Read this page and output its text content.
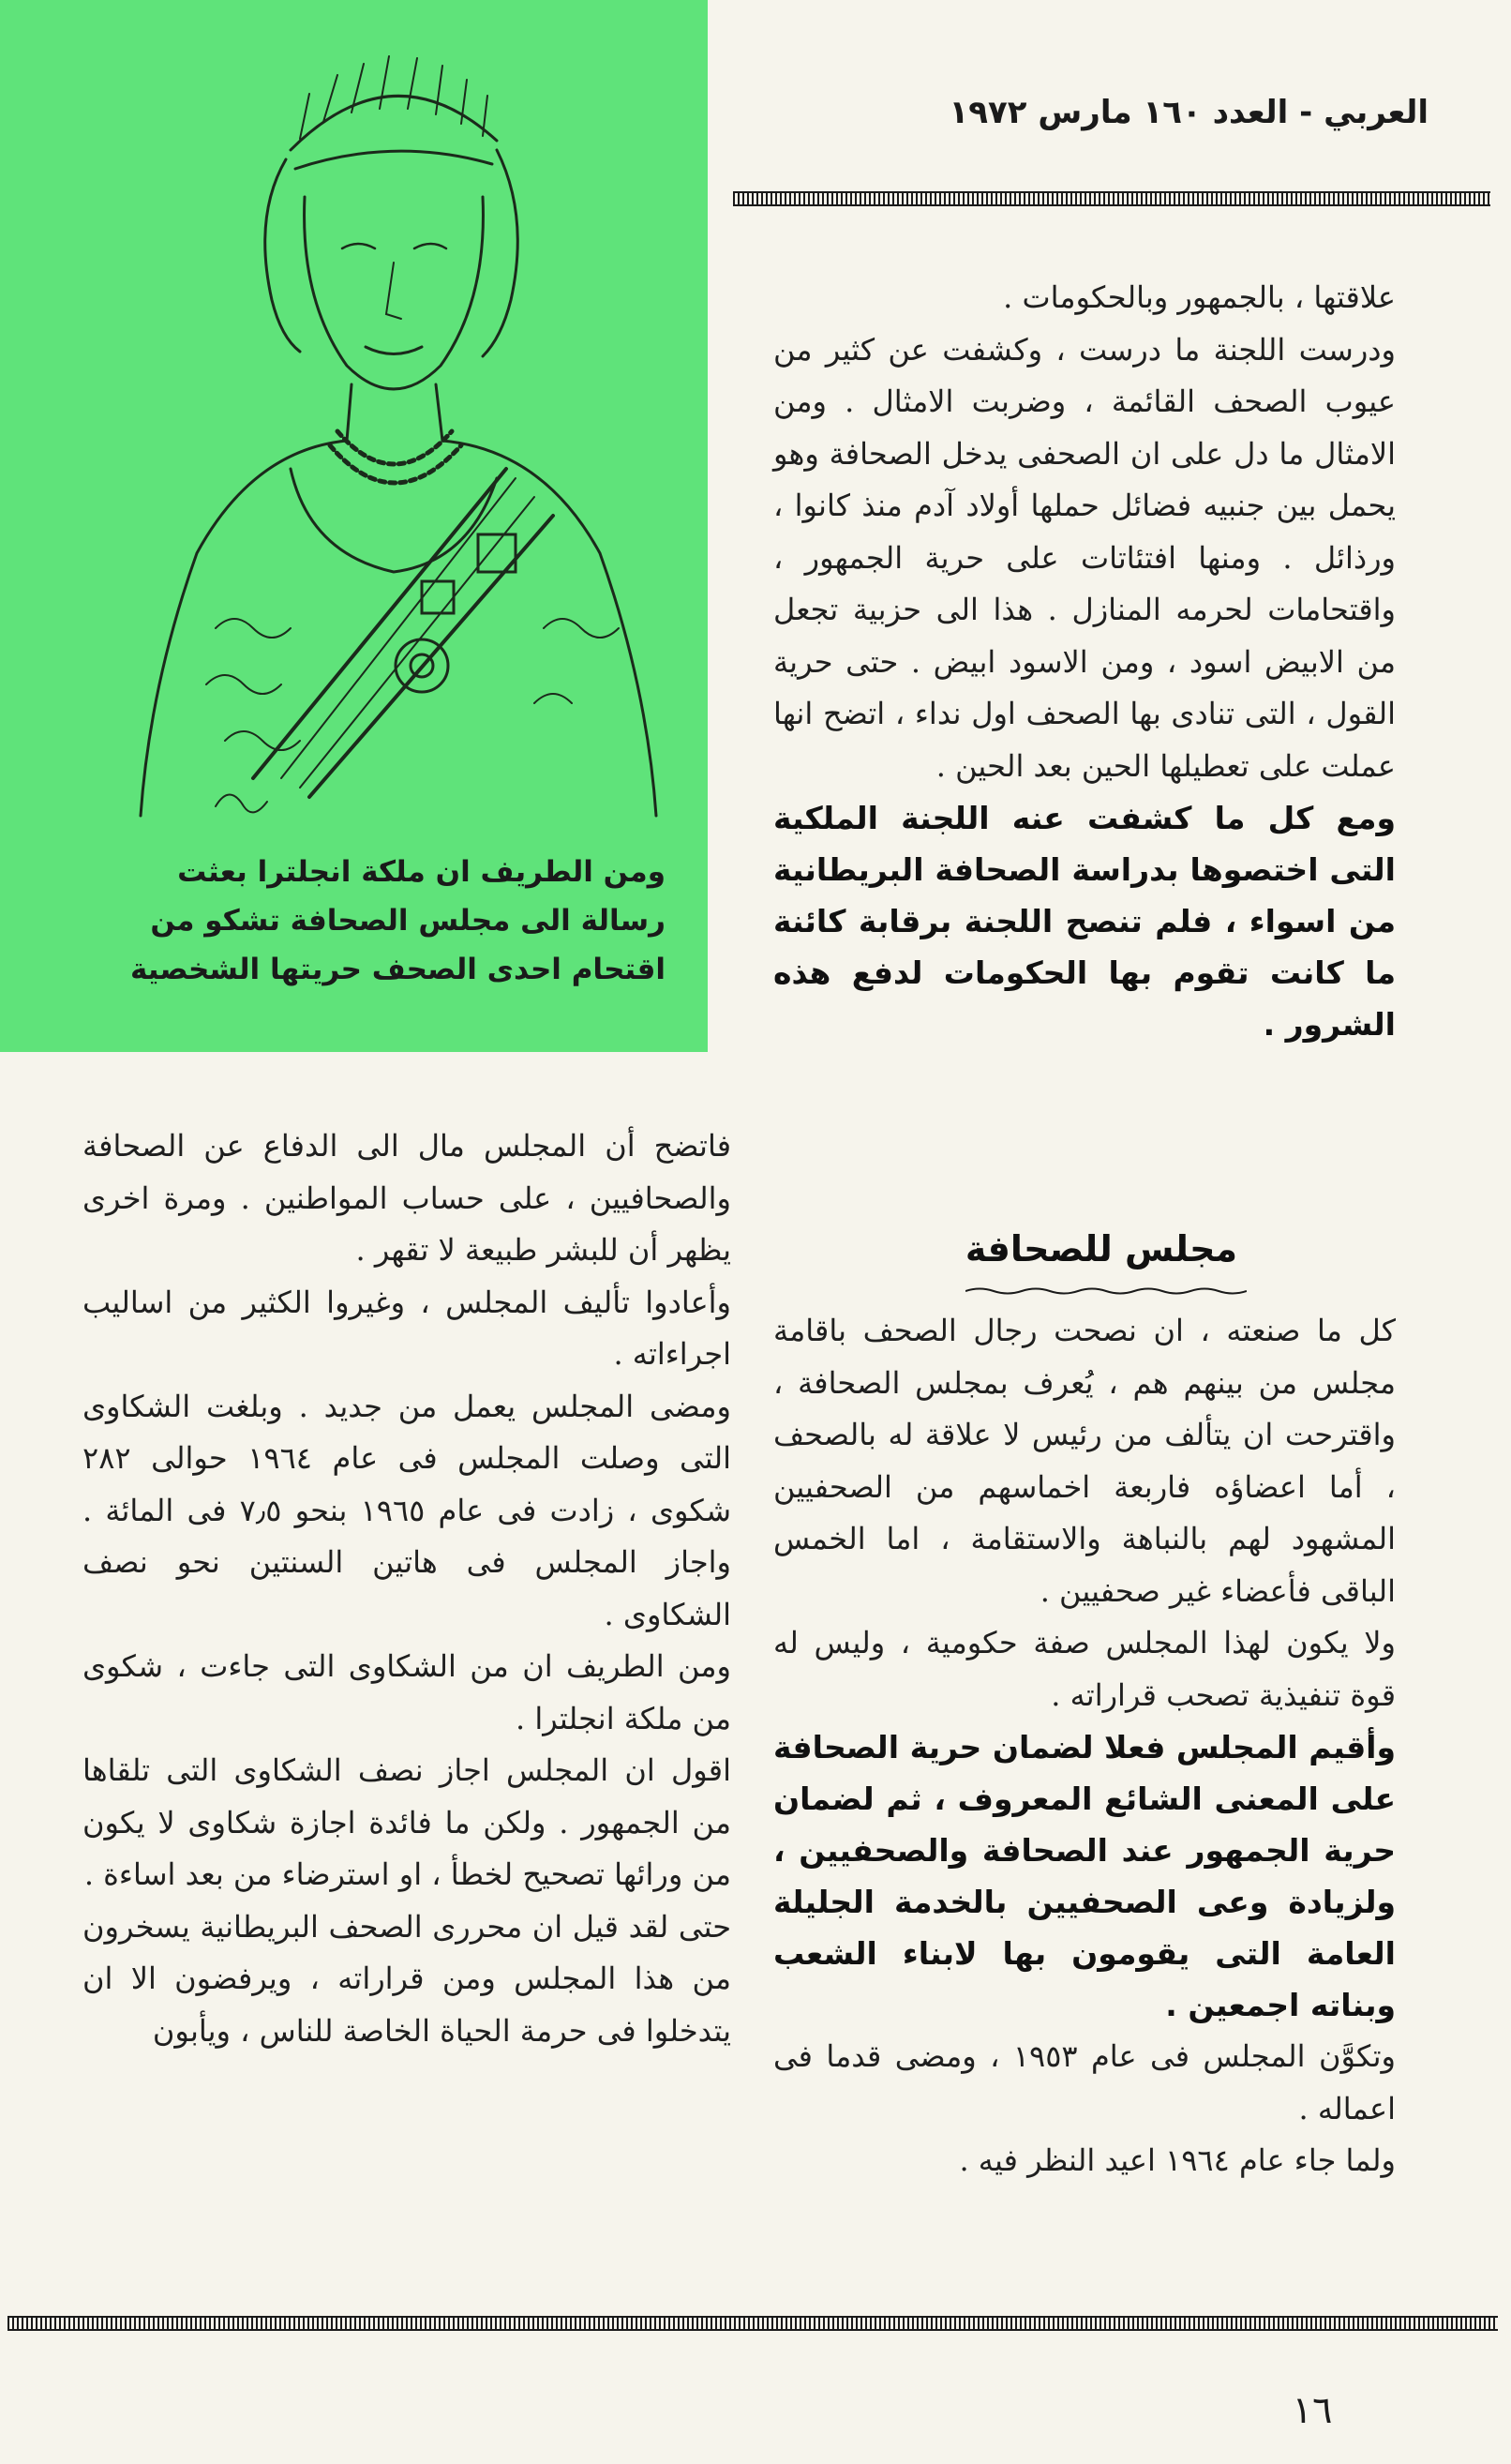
ومن الطريف ان ملكة انجلترا بعثت
رسالة الى مجلس الصحافة تشكو من
اقتحام احدى الصحف حريتها الشخصية
العربي - العدد ١٦٠ مارس ١٩٧٢

علاقتها ، بالجمهور وبالحكومات .

ودرست اللجنة ما درست ، وكشفت عن كثير من عيوب الصحف القائمة ، وضربت الامثال . ومن الامثال ما دل على ان الصحفى يدخل الصحافة وهو يحمل بين جنبيه فضائل حملها أولاد آدم منذ كانوا ، ورذائل . ومنها افتئاتات على حرية الجمهور ، واقتحامات لحرمه المنازل . هذا الى حزبية تجعل من الابيض اسود ، ومن الاسود ابيض . حتى حرية القول ، التى تنادى بها الصحف اول نداء ، اتضح انها عملت على تعطيلها الحين بعد الحين .

ومع كل ما كشفت عنه اللجنة الملكية التى اختصوها بدراسة الصحافة البريطانية من اسواء ، فلم تنصح اللجنة برقابة كائنة ما كانت تقوم بها الحكومات لدفع هذه الشرور .

مجلس للصحافة

كل ما صنعته ، ان نصحت رجال الصحف باقامة مجلس من بينهم هم ، يُعرف بمجلس الصحافة ، واقترحت ان يتألف من رئيس لا علاقة له بالصحف ، أما اعضاؤه فاربعة اخماسهم من الصحفيين المشهود لهم بالنباهة والاستقامة ، اما الخمس الباقى فأعضاء غير صحفيين .

ولا يكون لهذا المجلس صفة حكومية ، وليس له قوة تنفيذية تصحب قراراته .

وأقيم المجلس فعلا لضمان حرية الصحافة على المعنى الشائع المعروف ، ثم لضمان حرية الجمهور عند الصحافة والصحفيين ، ولزيادة وعى الصحفيين بالخدمة الجليلة العامة التى يقومون بها لابناء الشعب وبناته اجمعين .

وتكوَّن المجلس فى عام ١٩٥٣ ، ومضى قدما فى اعماله .

ولما جاء عام ١٩٦٤ اعيد النظر فيه .

فاتضح أن المجلس مال الى الدفاع عن الصحافة والصحافيين ، على حساب المواطنين . ومرة اخرى يظهر أن للبشر طبيعة لا تقهر .

وأعادوا تأليف المجلس ، وغيروا الكثير من اساليب اجراءاته .

ومضى المجلس يعمل من جديد . وبلغت الشكاوى التى وصلت المجلس فى عام ١٩٦٤ حوالى ٢٨٢ شكوى ، زادت فى عام ١٩٦٥ بنحو ٧٫٥ فى المائة . واجاز المجلس فى هاتين السنتين نحو نصف الشكاوى .

ومن الطريف ان من الشكاوى التى جاءت ، شكوى من ملكة انجلترا .

اقول ان المجلس اجاز نصف الشكاوى التى تلقاها من الجمهور . ولكن ما فائدة اجازة شكاوى لا يكون من ورائها تصحيح لخطأ ، او استرضاء من بعد اساءة .

حتى لقد قيل ان محررى الصحف البريطانية يسخرون من هذا المجلس ومن قراراته ، ويرفضون الا ان يتدخلوا فى حرمة الحياة الخاصة للناس ، ويأبون

١٦
